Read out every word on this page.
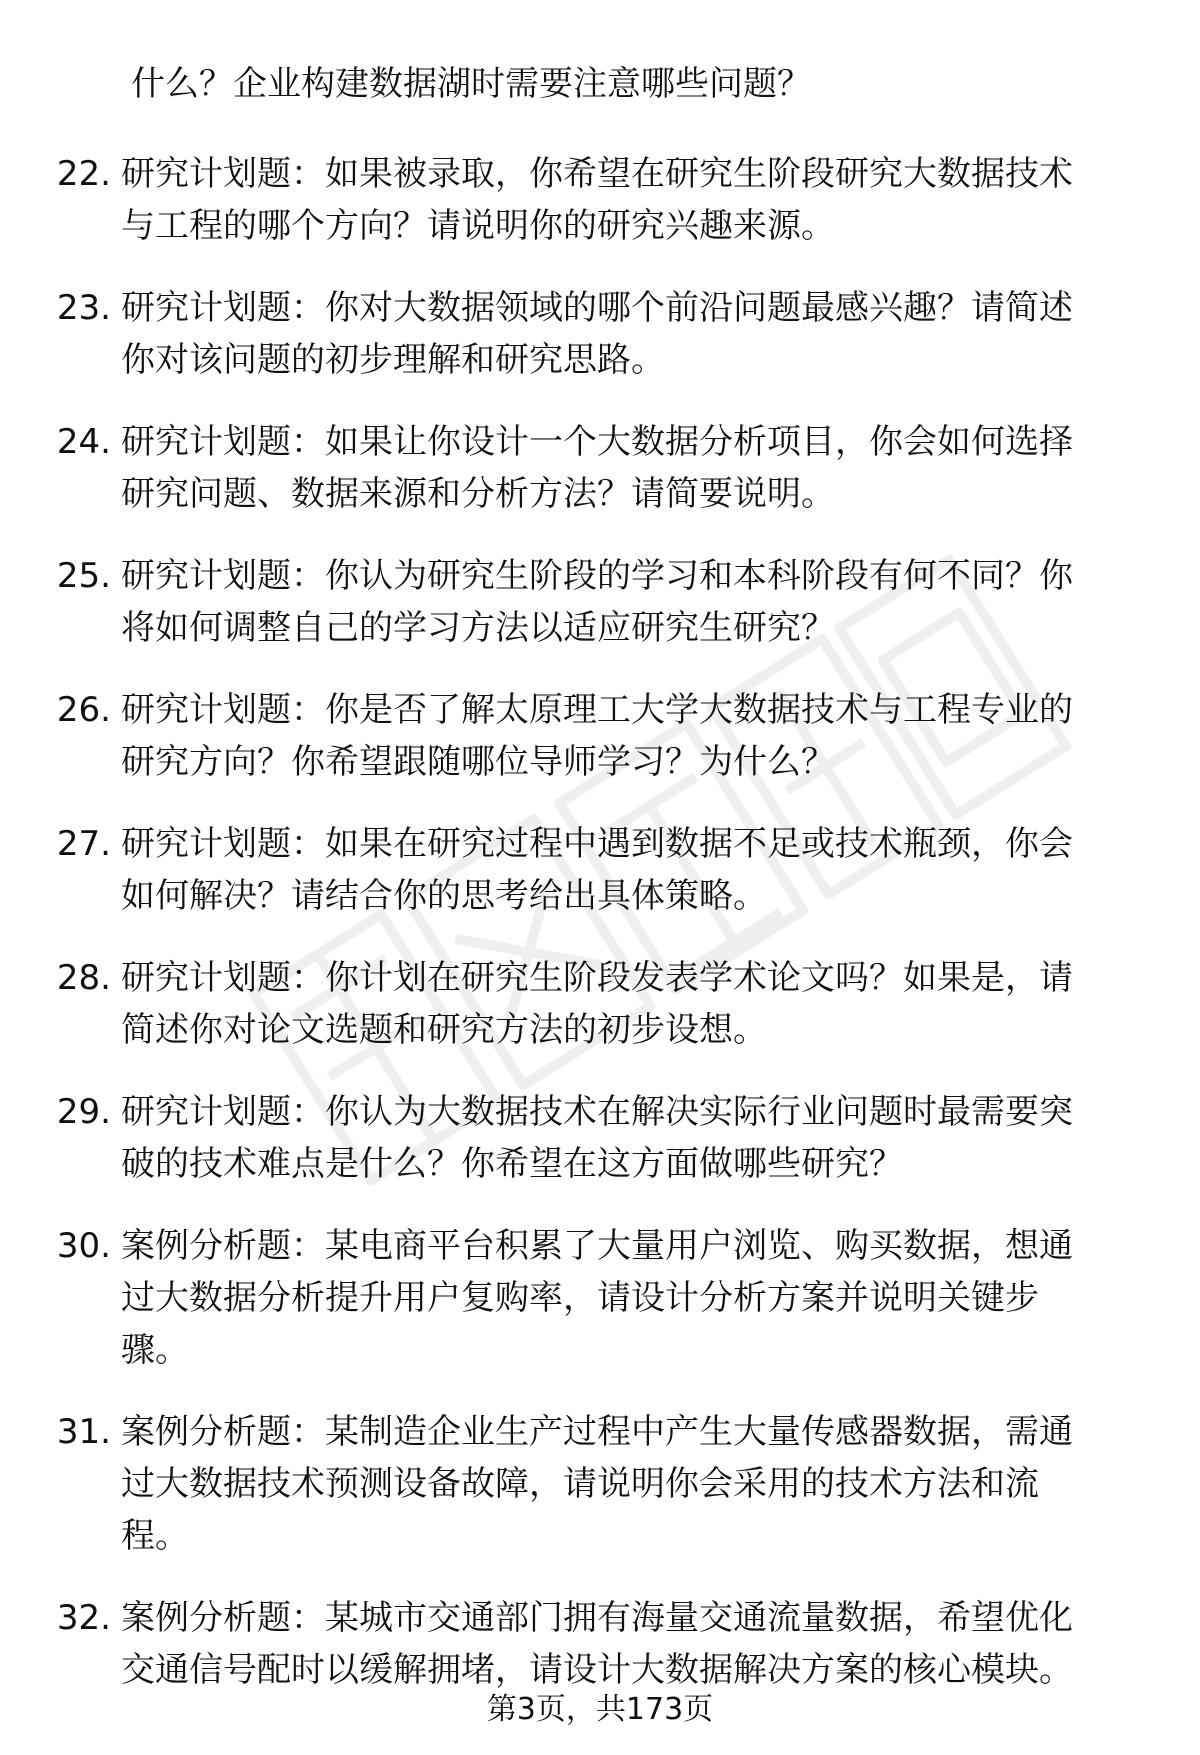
什么？企业构建数据湖时需要注意哪些问题？
22. 研究计划题：如果被录取，你希望在研究生阶段研究大数据技术
与工程的哪个方向？请说明你的研究兴趣来源。
23. 研究计划题：你对大数据领域的哪个前沿问题最感兴趣？请简述
你对该问题的初步理解和研究思路。
24. 研究计划题：如果让你设计一个大数据分析项目，你会如何选择
研究问题、数据来源和分析方法？请简要说明。
25. 研究计划题：你认为研究生阶段的学习和本科阶段有何不同？你
将如何调整自己的学习方法以适应研究生研究？
26. 研究计划题：你是否了解太原理工大学大数据技术与工程专业的
研究方向？你希望跟随哪位导师学习？为什么？
27. 研究计划题：如果在研究过程中遇到数据不足或技术瓶颈，你会
如何解决？请结合你的思考给出具体策略。
28. 研究计划题：你计划在研究生阶段发表学术论文吗？如果是，请
简述你对论文选题和研究方法的初步设想。
29. 研究计划题：你认为大数据技术在解决实际行业问题时最需要突
破的技术难点是什么？你希望在这方面做哪些研究？
30. 案例分析题：某电商平台积累了大量用户浏览、购买数据，想通
过大数据分析提升用户复购率，请设计分析方案并说明关键步
骤。
31. 案例分析题：某制造企业生产过程中产生大量传感器数据，需通
过大数据技术预测设备故障，请说明你会采用的技术方法和流
程。
32. 案例分析题：某城市交通部门拥有海量交通流量数据，希望优化
交通信号配时以缓解拥堵，请设计大数据解决方案的核心模块。
第3页，共173页
